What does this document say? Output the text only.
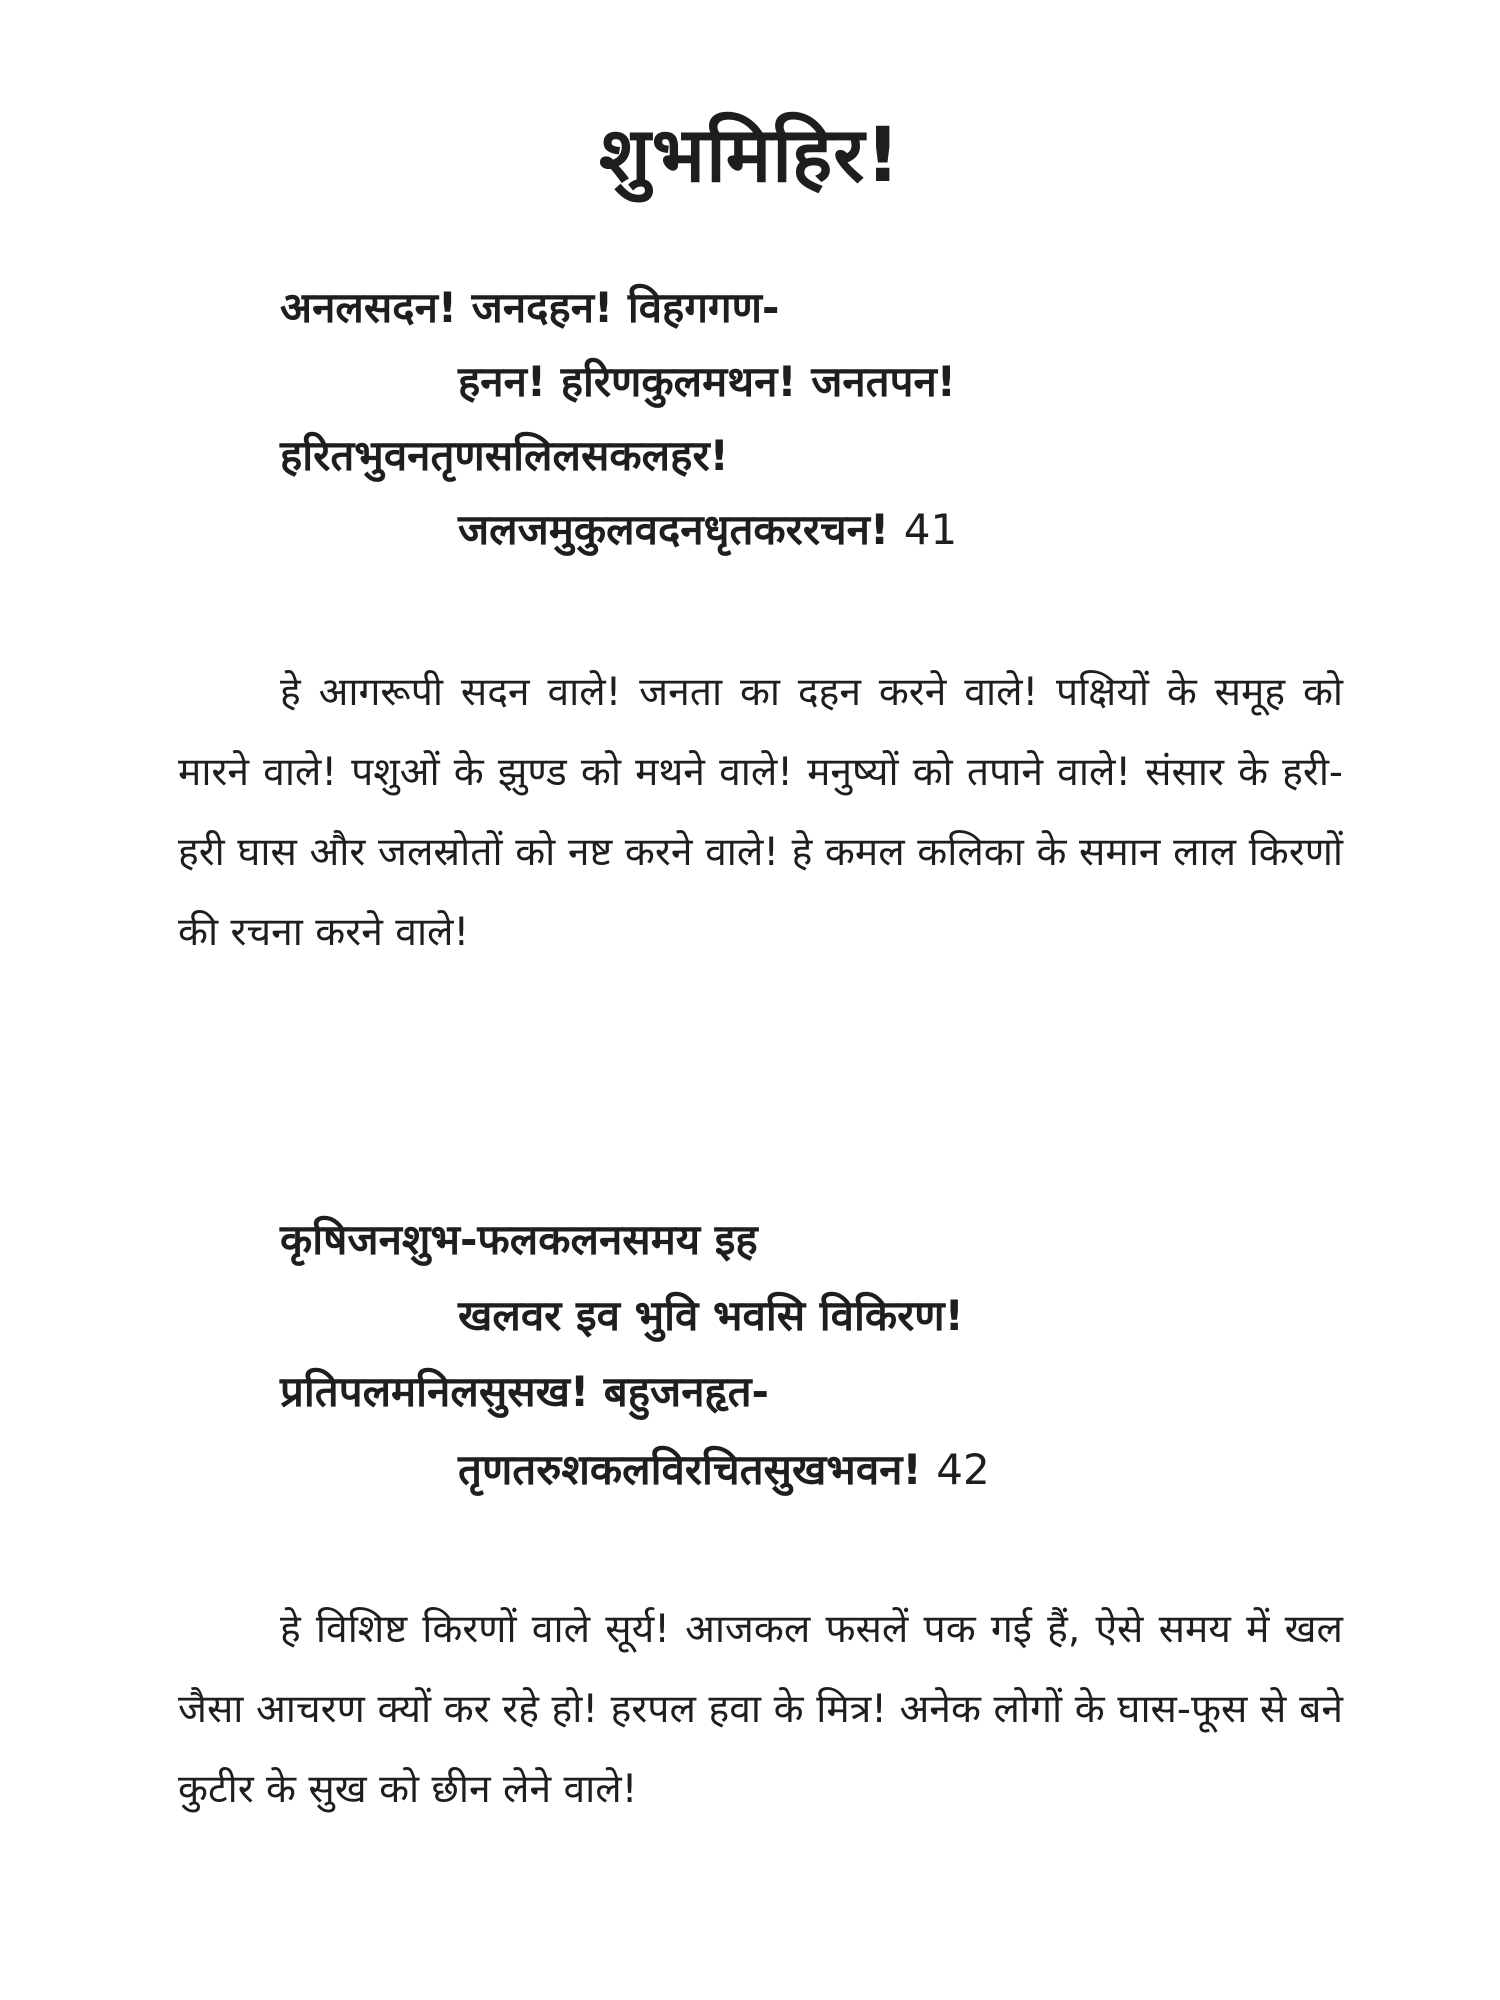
शुभमिहिर!
अनलसदन! जनदहन! विहगगण-
हनन! हरिणकुलमथन! जनतपन!
हरितभुवनतृणसलिलसकलहर!
जलजमुकुलवदनधृतकररचन! 41

हे आगरूपी सदन वाले! जनता का दहन करने वाले! पक्षियों के समूह को मारने वाले! पशुओं के झुण्ड को मथने वाले! मनुष्यों को तपाने वाले! संसार के हरी-हरी घास और जलस्रोतों को नष्ट करने वाले! हे कमल कलिका के समान लाल किरणों की रचना करने वाले!

कृषिजनशुभ-फलकलनसमय इह
खलवर इव भुवि भवसि विकिरण!
प्रतिपलमनिलसुसख! बहुजनहृत-
तृणतरुशकलविरचितसुखभवन! 42

हे विशिष्ट किरणों वाले सूर्य! आजकल फसलें पक गई हैं, ऐसे समय में खल जैसा आचरण क्यों कर रहे हो! हरपल हवा के मित्र! अनेक लोगों के घास-फूस से बने कुटीर के सुख को छीन लेने वाले!
